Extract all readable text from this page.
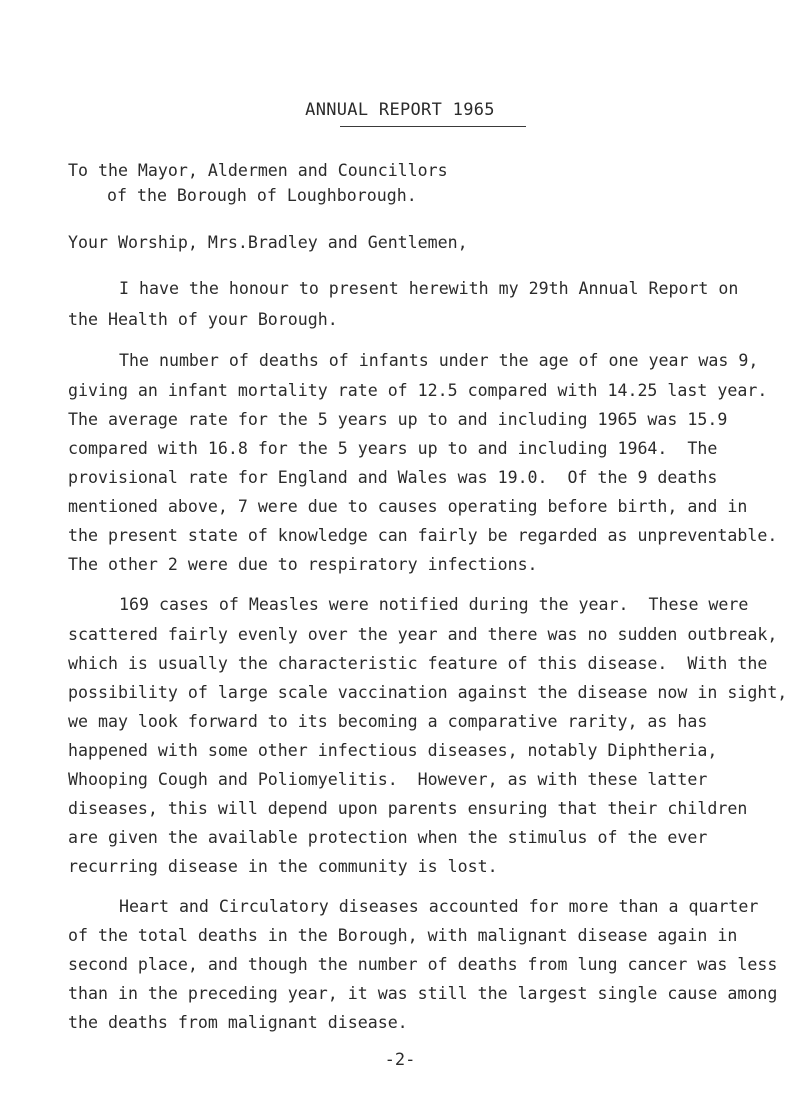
ANNUAL REPORT 1965
To the Mayor, Aldermen and Councillors
of the Borough of Loughborough.
Your Worship, Mrs.Bradley and Gentlemen,
I have the honour to present herewith my 29th Annual Report on
the Health of your Borough.
The number of deaths of infants under the age of one year was 9,
giving an infant mortality rate of 12.5 compared with 14.25 last year.
The average rate for the 5 years up to and including 1965 was 15.9
compared with 16.8 for the 5 years up to and including 1964.  The
provisional rate for England and Wales was 19.0.  Of the 9 deaths
mentioned above, 7 were due to causes operating before birth, and in
the present state of knowledge can fairly be regarded as unpreventable.
The other 2 were due to respiratory infections.
169 cases of Measles were notified during the year.  These were
scattered fairly evenly over the year and there was no sudden outbreak,
which is usually the characteristic feature of this disease.  With the
possibility of large scale vaccination against the disease now in sight,
we may look forward to its becoming a comparative rarity, as has
happened with some other infectious diseases, notably Diphtheria,
Whooping Cough and Poliomyelitis.  However, as with these latter
diseases, this will depend upon parents ensuring that their children
are given the available protection when the stimulus of the ever
recurring disease in the community is lost.
Heart and Circulatory diseases accounted for more than a quarter
of the total deaths in the Borough, with malignant disease again in
second place, and though the number of deaths from lung cancer was less
than in the preceding year, it was still the largest single cause among
the deaths from malignant disease.
-2-
